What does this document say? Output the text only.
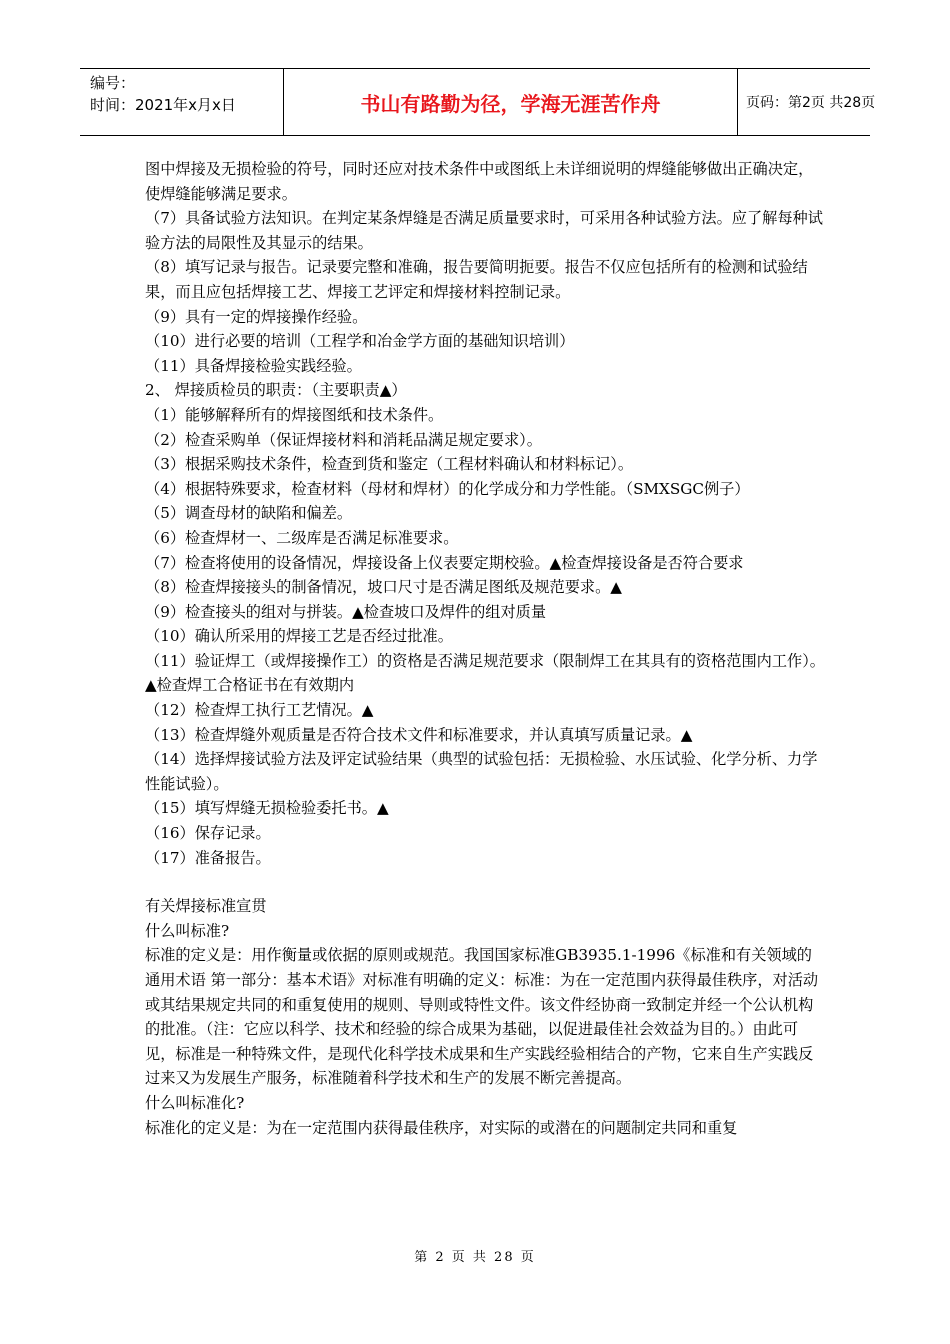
编号：
时间：2021年x月x日	书山有路勤为径，学海无涯苦作舟	页码：第2页 共28页

图中焊接及无损检验的符号，同时还应对技术条件中或图纸上未详细说明的焊缝能够做出正确决定，使焊缝能够满足要求。

（7）具备试验方法知识。在判定某条焊缝是否满足质量要求时，可采用各种试验方法。应了解每种试验方法的局限性及其显示的结果。

（8）填写记录与报告。记录要完整和准确，报告要简明扼要。报告不仅应包括所有的检测和试验结果，而且应包括焊接工艺、焊接工艺评定和焊接材料控制记录。

（9）具有一定的焊接操作经验。

（10）进行必要的培训（工程学和冶金学方面的基础知识培训）

（11）具备焊接检验实践经验。

2、 焊接质检员的职责：（主要职责▲）

（1）能够解释所有的焊接图纸和技术条件。

（2）检查采购单（保证焊接材料和消耗品满足规定要求）。

（3）根据采购技术条件，检查到货和鉴定（工程材料确认和材料标记）。

（4）根据特殊要求，检查材料（母材和焊材）的化学成分和力学性能。（SMXSGC例子）

（5）调查母材的缺陷和偏差。

（6）检查焊材一、二级库是否满足标准要求。

（7）检查将使用的设备情况，焊接设备上仪表要定期校验。▲检查焊接设备是否符合要求

（8）检查焊接接头的制备情况，坡口尺寸是否满足图纸及规范要求。▲

（9）检查接头的组对与拼装。▲检查坡口及焊件的组对质量

（10）确认所采用的焊接工艺是否经过批准。

（11）验证焊工（或焊接操作工）的资格是否满足规范要求（限制焊工在其具有的资格范围内工作）。▲检查焊工合格证书在有效期内

（12）检查焊工执行工艺情况。▲

（13）检查焊缝外观质量是否符合技术文件和标准要求，并认真填写质量记录。▲

（14）选择焊接试验方法及评定试验结果（典型的试验包括：无损检验、水压试验、化学分析、力学性能试验）。

（15）填写焊缝无损检验委托书。▲

（16）保存记录。

（17）准备报告。

有关焊接标准宣贯

什么叫标准?

标准的定义是：用作衡量或依据的原则或规范。我国国家标准GB3935.1-1996《标准和有关领域的通用术语 第一部分：基本术语》对标准有明确的定义：标准：为在一定范围内获得最佳秩序，对活动或其结果规定共同的和重复使用的规则、导则或特性文件。该文件经协商一致制定并经一个公认机构的批准。（注：它应以科学、技术和经验的综合成果为基础，以促进最佳社会效益为目的。）由此可见，标准是一种特殊文件，是现代化科学技术成果和生产实践经验相结合的产物，它来自生产实践反过来又为发展生产服务，标准随着科学技术和生产的发展不断完善提高。

什么叫标准化?

标准化的定义是：为在一定范围内获得最佳秩序，对实际的或潜在的问题制定共同和重复

第 2 页 共 28 页
